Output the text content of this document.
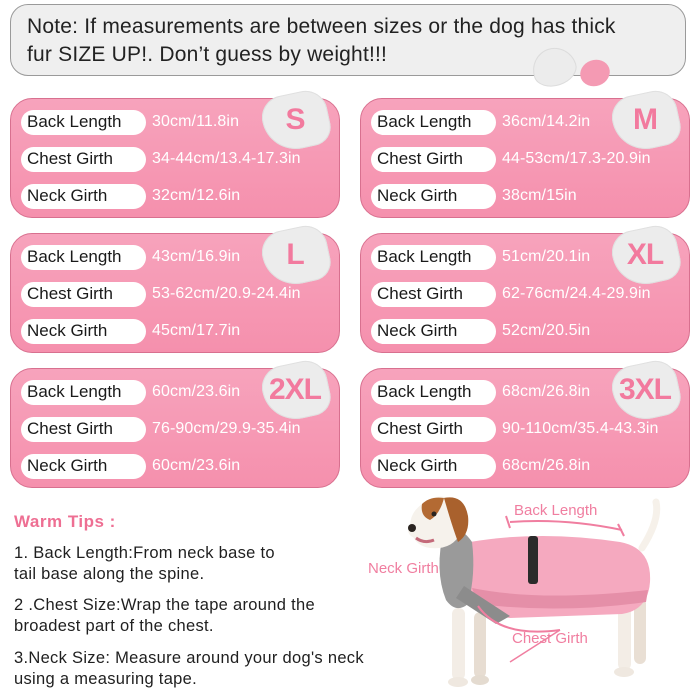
Note: If measurements are between sizes or the dog has thick
fur SIZE UP!. Don’t guess by weight!!!
S
Back Length	30cm/11.8in
Chest Girth	34-44cm/13.4-17.3in
Neck Girth	32cm/12.6in
M
Back Length	36cm/14.2in
Chest Girth	44-53cm/17.3-20.9in
Neck Girth	38cm/15in
L
Back Length	43cm/16.9in
Chest Girth	53-62cm/20.9-24.4in
Neck Girth	45cm/17.7in
XL
Back Length	51cm/20.1in
Chest Girth	62-76cm/24.4-29.9in
Neck Girth	52cm/20.5in
2XL
Back Length	60cm/23.6in
Chest Girth	76-90cm/29.9-35.4in
Neck Girth	60cm/23.6in
3XL
Back Length	68cm/26.8in
Chest Girth	90-110cm/35.4-43.3in
Neck Girth	68cm/26.8in
Warm Tips :
1. Back Length:From neck base to
tail base along the spine.
2 .Chest Size:Wrap the tape around the
broadest part of the chest.
3.Neck Size: Measure around your dog's neck
using a measuring tape.
Back Length
Neck Girth
Chest Girth
